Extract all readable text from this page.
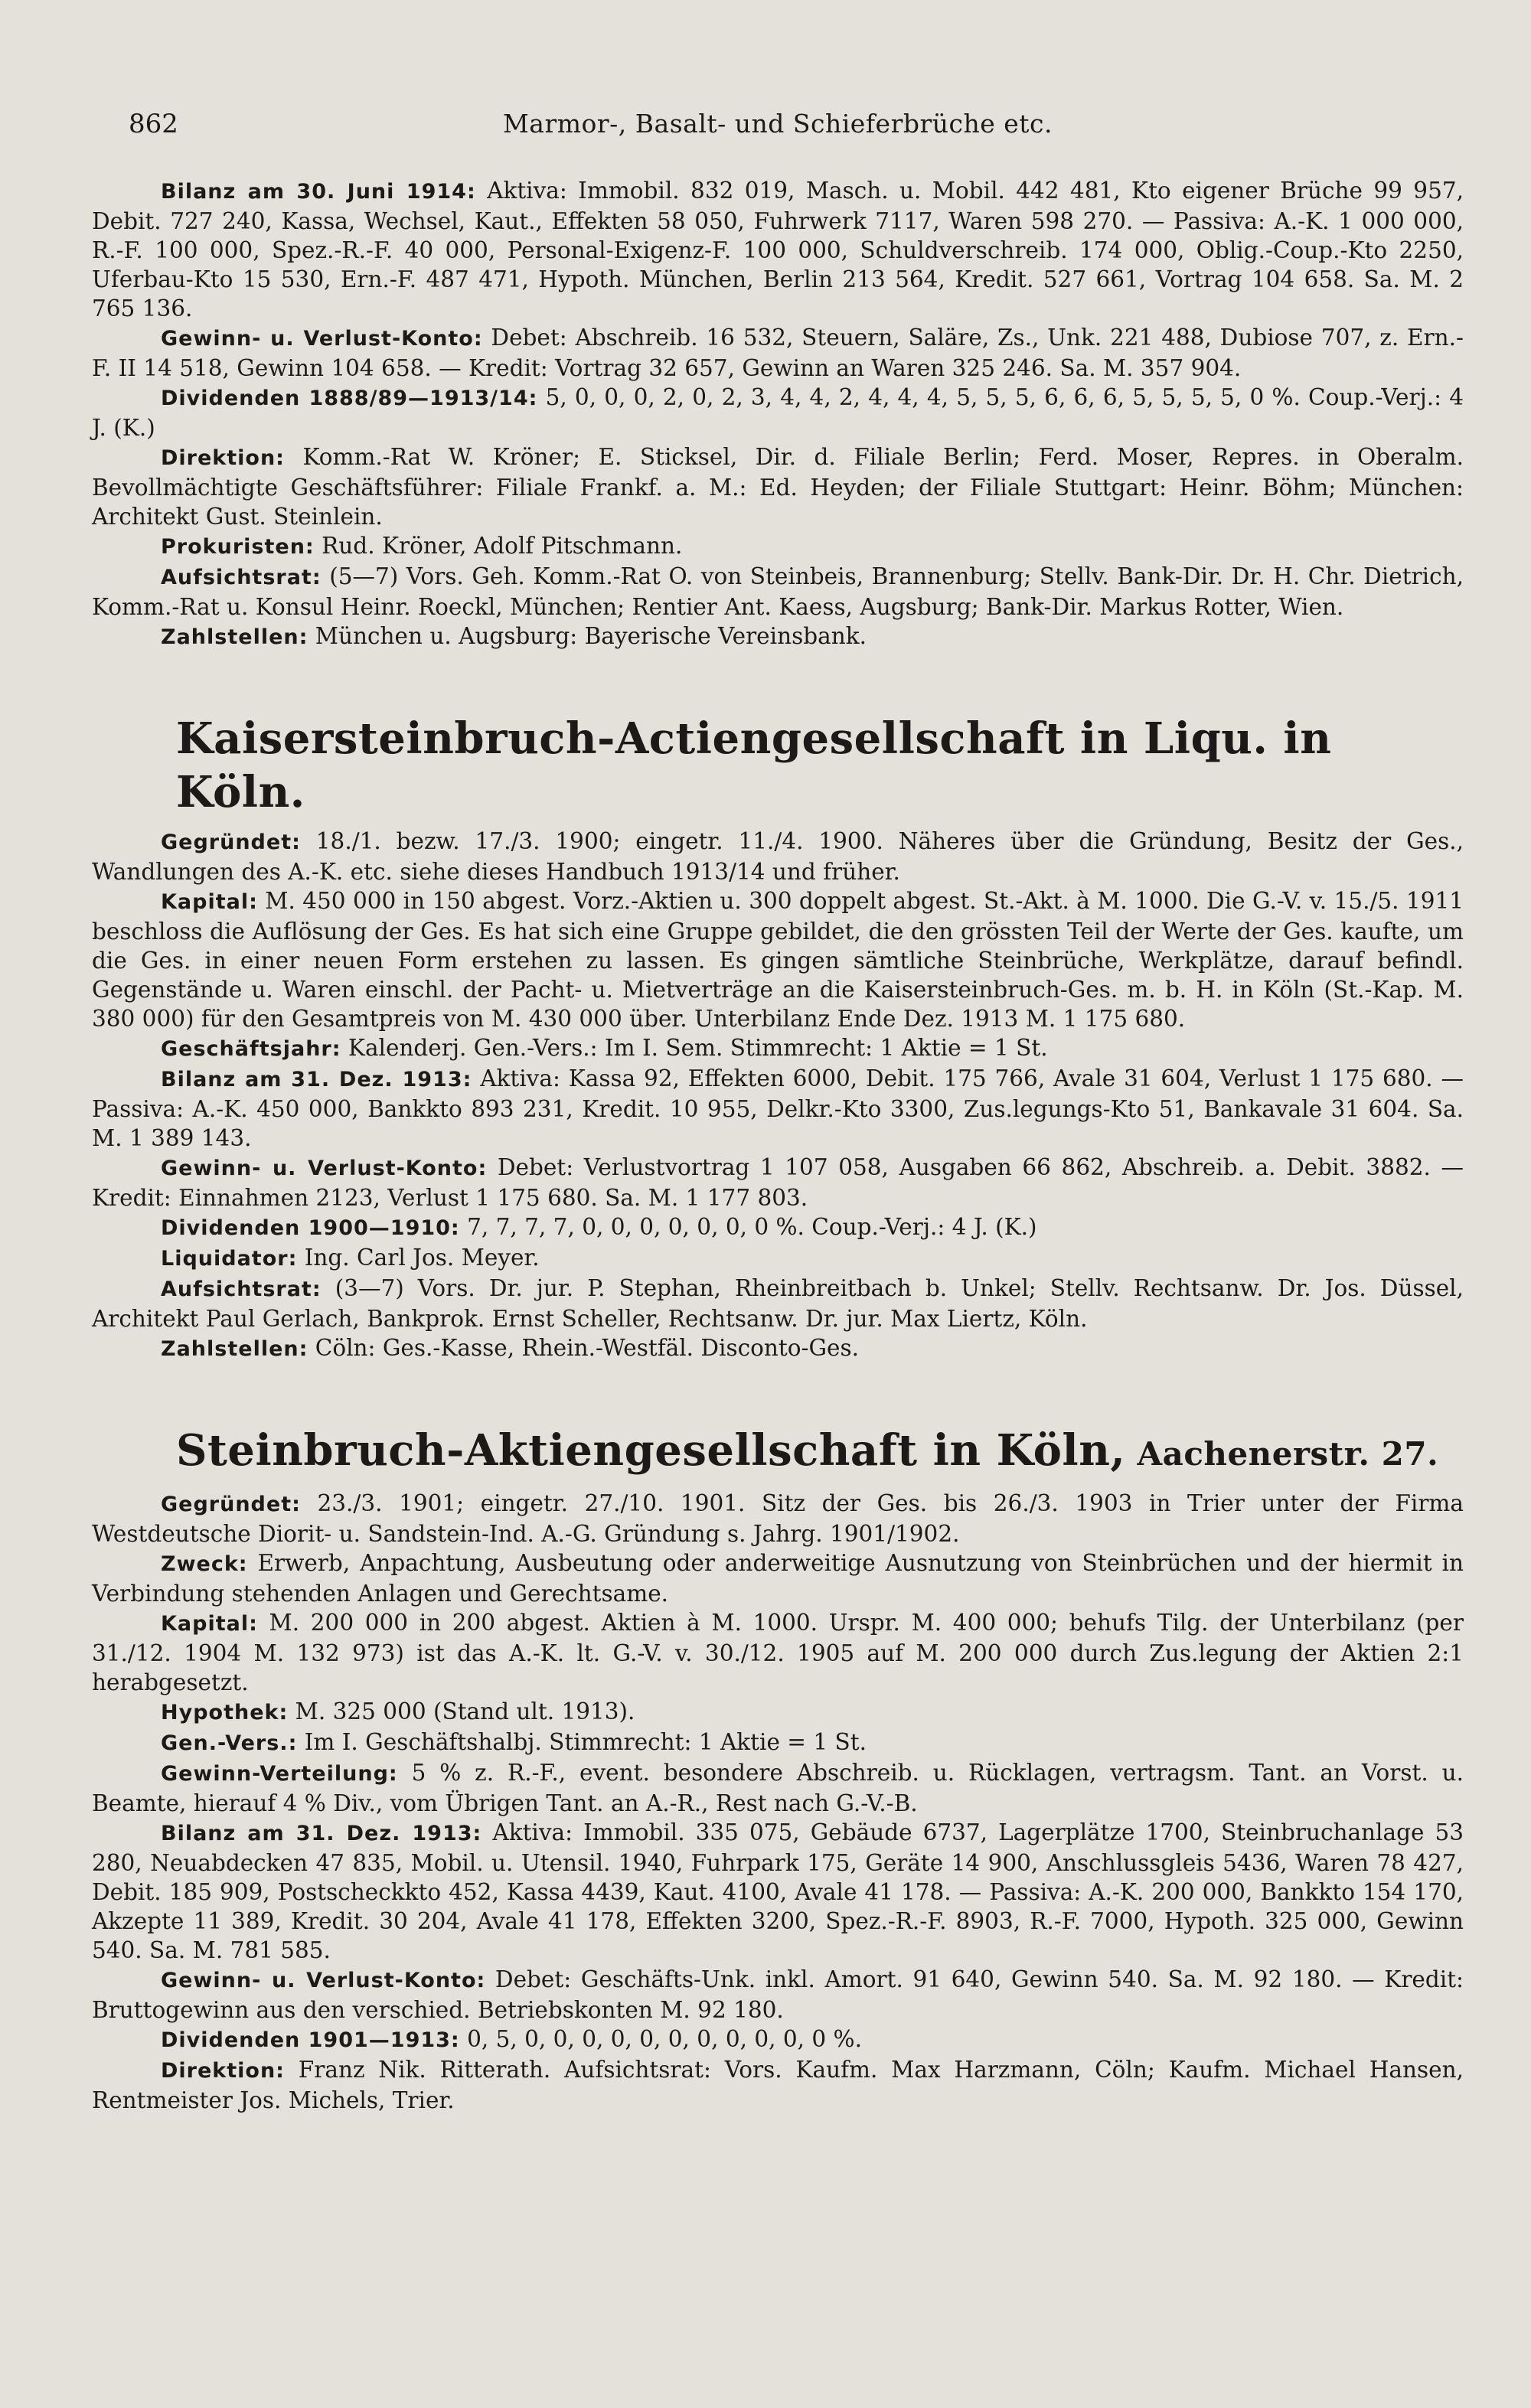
862	Marmor-, Basalt- und Schieferbrüche etc.

Bilanz am 30. Juni 1914: Aktiva: Immobil. 832 019, Masch. u. Mobil. 442 481, Kto eigener Brüche 99 957, Debit. 727 240, Kassa, Wechsel, Kaut., Effekten 58 050, Fuhrwerk 7117, Waren 598 270. — Passiva: A.-K. 1 000 000, R.-F. 100 000, Spez.-R.-F. 40 000, Personal-Exigenz-F. 100 000, Schuldverschreib. 174 000, Oblig.-Coup.-Kto 2250, Uferbau-Kto 15 530, Ern.-F. 487 471, Hypoth. München, Berlin 213 564, Kredit. 527 661, Vortrag 104 658. Sa. M. 2 765 136.

Gewinn- u. Verlust-Konto: Debet: Abschreib. 16 532, Steuern, Saläre, Zs., Unk. 221 488, Dubiose 707, z. Ern.-F. II 14 518, Gewinn 104 658. — Kredit: Vortrag 32 657, Gewinn an Waren 325 246. Sa. M. 357 904.

Dividenden 1888/89—1913/14: 5, 0, 0, 0, 2, 0, 2, 3, 4, 4, 2, 4, 4, 4, 5, 5, 5, 6, 6, 6, 5, 5, 5, 5, 0 %. Coup.-Verj.: 4 J. (K.)

Direktion: Komm.-Rat W. Kröner; E. Sticksel, Dir. d. Filiale Berlin; Ferd. Moser, Repres. in Oberalm. Bevollmächtigte Geschäftsführer: Filiale Frankf. a. M.: Ed. Heyden; der Filiale Stuttgart: Heinr. Böhm; München: Architekt Gust. Steinlein.

Prokuristen: Rud. Kröner, Adolf Pitschmann.

Aufsichtsrat: (5—7) Vors. Geh. Komm.-Rat O. von Steinbeis, Brannenburg; Stellv. Bank-Dir. Dr. H. Chr. Dietrich, Komm.-Rat u. Konsul Heinr. Roeckl, München; Rentier Ant. Kaess, Augsburg; Bank-Dir. Markus Rotter, Wien.

Zahlstellen: München u. Augsburg: Bayerische Vereinsbank.

Kaisersteinbruch-Actiengesellschaft in Liqu. in Köln.

Gegründet: 18./1. bezw. 17./3. 1900; eingetr. 11./4. 1900. Näheres über die Gründung, Besitz der Ges., Wandlungen des A.-K. etc. siehe dieses Handbuch 1913/14 und früher.

Kapital: M. 450 000 in 150 abgest. Vorz.-Aktien u. 300 doppelt abgest. St.-Akt. à M. 1000. Die G.-V. v. 15./5. 1911 beschloss die Auflösung der Ges. Es hat sich eine Gruppe gebildet, die den grössten Teil der Werte der Ges. kaufte, um die Ges. in einer neuen Form erstehen zu lassen. Es gingen sämtliche Steinbrüche, Werkplätze, darauf befindl. Gegenstände u. Waren einschl. der Pacht- u. Mietverträge an die Kaisersteinbruch-Ges. m. b. H. in Köln (St.-Kap. M. 380 000) für den Gesamtpreis von M. 430 000 über. Unterbilanz Ende Dez. 1913 M. 1 175 680.

Geschäftsjahr: Kalenderj. Gen.-Vers.: Im I. Sem. Stimmrecht: 1 Aktie = 1 St.

Bilanz am 31. Dez. 1913: Aktiva: Kassa 92, Effekten 6000, Debit. 175 766, Avale 31 604, Verlust 1 175 680. — Passiva: A.-K. 450 000, Bankkto 893 231, Kredit. 10 955, Delkr.-Kto 3300, Zus.legungs-Kto 51, Bankavale 31 604. Sa. M. 1 389 143.

Gewinn- u. Verlust-Konto: Debet: Verlustvortrag 1 107 058, Ausgaben 66 862, Abschreib. a. Debit. 3882. — Kredit: Einnahmen 2123, Verlust 1 175 680. Sa. M. 1 177 803.

Dividenden 1900—1910: 7, 7, 7, 7, 0, 0, 0, 0, 0, 0, 0 %. Coup.-Verj.: 4 J. (K.)

Liquidator: Ing. Carl Jos. Meyer.

Aufsichtsrat: (3—7) Vors. Dr. jur. P. Stephan, Rheinbreitbach b. Unkel; Stellv. Rechtsanw. Dr. Jos. Düssel, Architekt Paul Gerlach, Bankprok. Ernst Scheller, Rechtsanw. Dr. jur. Max Liertz, Köln.

Zahlstellen: Cöln: Ges.-Kasse, Rhein.-Westfäl. Disconto-Ges.

Steinbruch-Aktiengesellschaft in Köln, Aachenerstr. 27.

Gegründet: 23./3. 1901; eingetr. 27./10. 1901. Sitz der Ges. bis 26./3. 1903 in Trier unter der Firma Westdeutsche Diorit- u. Sandstein-Ind. A.-G. Gründung s. Jahrg. 1901/1902.

Zweck: Erwerb, Anpachtung, Ausbeutung oder anderweitige Ausnutzung von Steinbrüchen und der hiermit in Verbindung stehenden Anlagen und Gerechtsame.

Kapital: M. 200 000 in 200 abgest. Aktien à M. 1000. Urspr. M. 400 000; behufs Tilg. der Unterbilanz (per 31./12. 1904 M. 132 973) ist das A.-K. lt. G.-V. v. 30./12. 1905 auf M. 200 000 durch Zus.legung der Aktien 2:1 herabgesetzt.

Hypothek: M. 325 000 (Stand ult. 1913).

Gen.-Vers.: Im I. Geschäftshalbj. Stimmrecht: 1 Aktie = 1 St.

Gewinn-Verteilung: 5 % z. R.-F., event. besondere Abschreib. u. Rücklagen, vertragsm. Tant. an Vorst. u. Beamte, hierauf 4 % Div., vom Übrigen Tant. an A.-R., Rest nach G.-V.-B.

Bilanz am 31. Dez. 1913: Aktiva: Immobil. 335 075, Gebäude 6737, Lagerplätze 1700, Steinbruchanlage 53 280, Neuabdecken 47 835, Mobil. u. Utensil. 1940, Fuhrpark 175, Geräte 14 900, Anschlussgleis 5436, Waren 78 427, Debit. 185 909, Postscheckkto 452, Kassa 4439, Kaut. 4100, Avale 41 178. — Passiva: A.-K. 200 000, Bankkto 154 170, Akzepte 11 389, Kredit. 30 204, Avale 41 178, Effekten 3200, Spez.-R.-F. 8903, R.-F. 7000, Hypoth. 325 000, Gewinn 540. Sa. M. 781 585.

Gewinn- u. Verlust-Konto: Debet: Geschäfts-Unk. inkl. Amort. 91 640, Gewinn 540. Sa. M. 92 180. — Kredit: Bruttogewinn aus den verschied. Betriebskonten M. 92 180.

Dividenden 1901—1913: 0, 5, 0, 0, 0, 0, 0, 0, 0, 0, 0, 0, 0 %.

Direktion: Franz Nik. Ritterath. Aufsichtsrat: Vors. Kaufm. Max Harzmann, Cöln; Kaufm. Michael Hansen, Rentmeister Jos. Michels, Trier.
